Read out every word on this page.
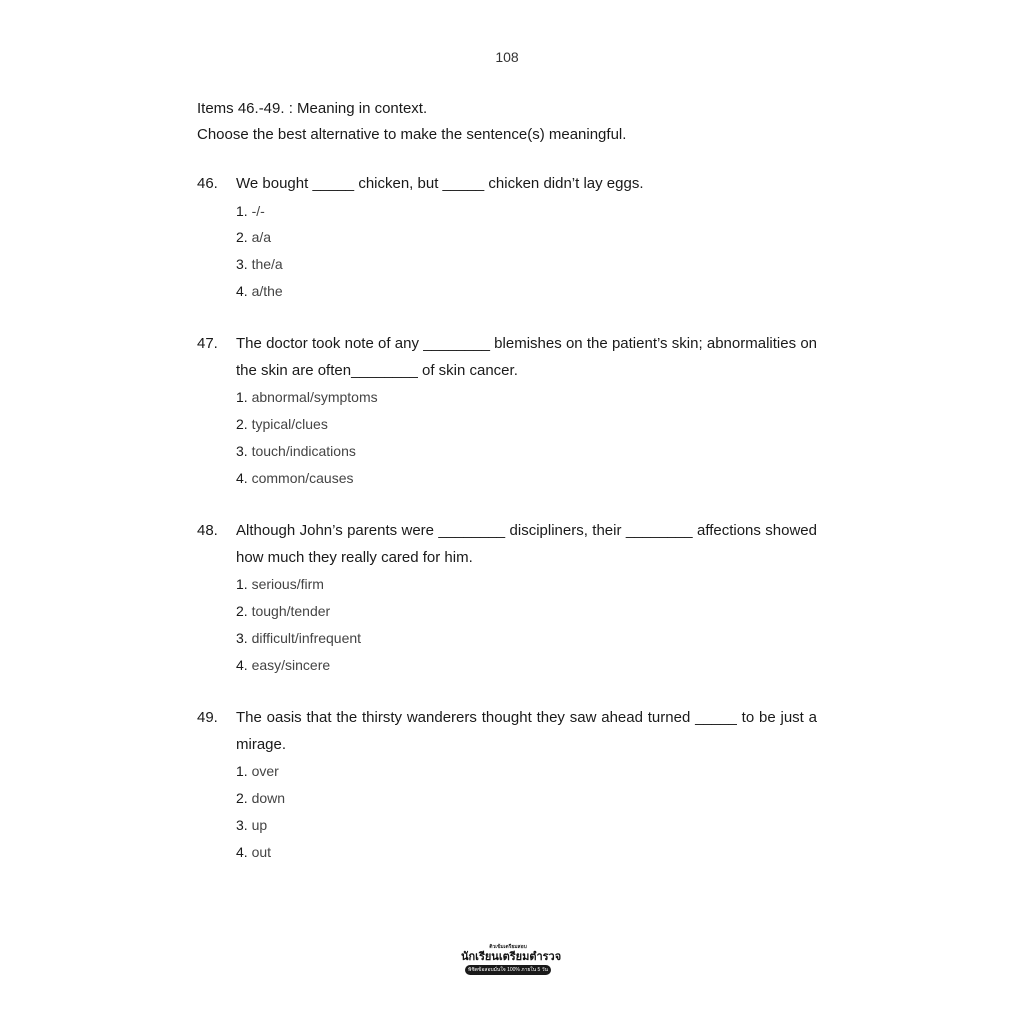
108
Items 46.-49. : Meaning in context.
Choose the best alternative to make the sentence(s) meaningful.
46.	We bought _____ chicken, but _____ chicken didn’t lay eggs.
1. -/-
2. a/a
3. the/a
4. a/the
47.	The doctor took note of any ________ blemishes on the patient’s skin; abnormalities on the skin are often________ of skin cancer.
1. abnormal/symptoms
2. typical/clues
3. touch/indications
4. common/causes
48.	Although John’s parents were ________ discipliners, their ________ affections showed how much they really cared for him.
1. serious/firm
2. tough/tender
3. difficult/infrequent
4. easy/sincere
49.	The oasis that the thirsty wanderers thought they saw ahead turned _____ to be just a mirage.
1. over
2. down
3. up
4. out
ติวเข้มเตรียมสอบ
นักเรียนเตรียมตำรวจ
พิชิตข้อสอบมั่นใจ 100% ภายใน 5 วัน
